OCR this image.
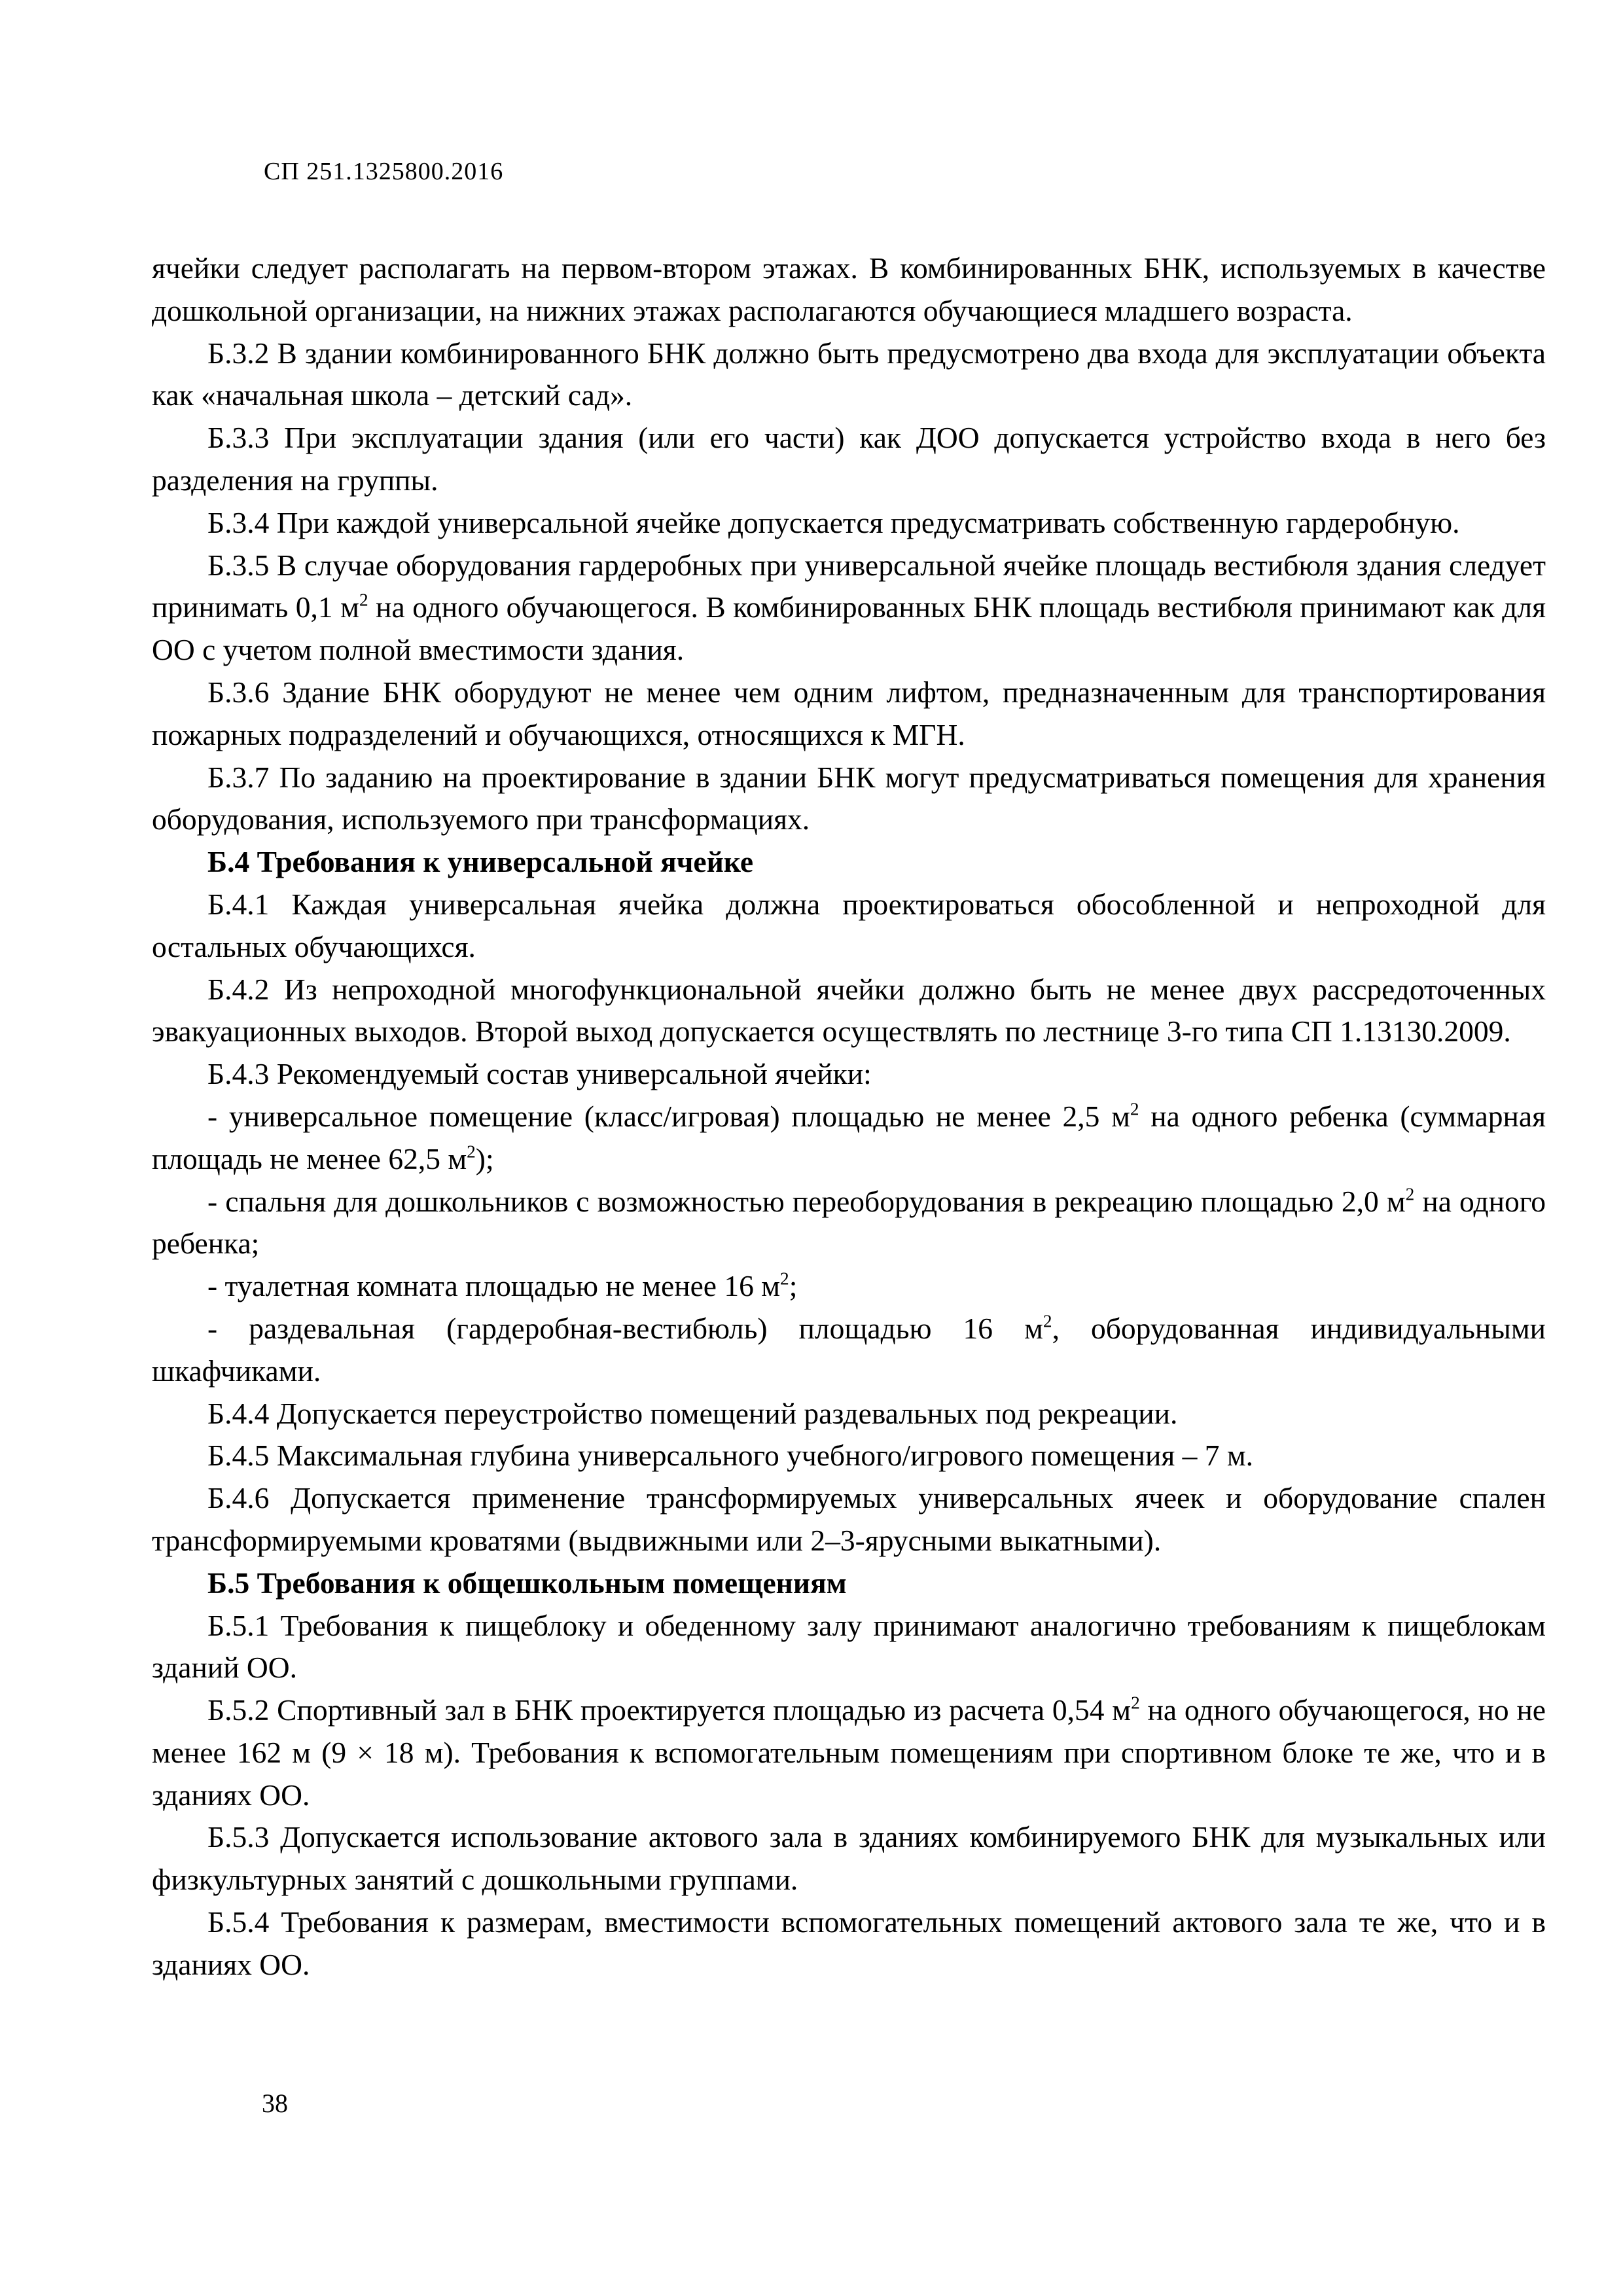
СП 251.1325800.2016

ячейки следует располагать на первом-втором этажах. В комбинированных БНК, используемых в качестве дошкольной организации, на нижних этажах располагаются обучающиеся младшего возраста.

Б.3.2 В здании комбинированного БНК должно быть предусмотрено два входа для эксплуатации объекта как «начальная школа – детский сад».

Б.3.3 При эксплуатации здания (или его части) как ДОО допускается устройство входа в него без разделения на группы.

Б.3.4 При каждой универсальной ячейке допускается предусматривать собственную гардеробную.

Б.3.5 В случае оборудования гардеробных при универсальной ячейке площадь вестибюля здания следует принимать 0,1 $м^2$ на одного обучающегося. В комбинированных БНК площадь вестибюля принимают как для ОО с учетом полной вместимости здания.

Б.3.6 Здание БНК оборудуют не менее чем одним лифтом, предназначенным для транспортирования пожарных подразделений и обучающихся, относящихся к МГН.

Б.3.7 По заданию на проектирование в здании БНК могут предусматриваться помещения для хранения оборудования, используемого при трансформациях.

Б.4 Требования к универсальной ячейке

Б.4.1 Каждая универсальная ячейка должна проектироваться обособленной и непроходной для остальных обучающихся.

Б.4.2 Из непроходной многофункциональной ячейки должно быть не менее двух рассредоточенных эвакуационных выходов. Второй выход допускается осуществлять по лестнице 3-го типа СП 1.13130.2009.

Б.4.3 Рекомендуемый состав универсальной ячейки:

- универсальное помещение (класс/игровая) площадью не менее 2,5 $м^2$ на одного ребенка (суммарная площадь не менее 62,5 $м^2$);

- спальня для дошкольников с возможностью переоборудования в рекреацию площадью 2,0 $м^2$ на одного ребенка;

- туалетная комната площадью не менее 16 $м^2$;

- раздевальная (гардеробная-вестибюль) площадью 16 $м^2$, оборудованная индивидуальными шкафчиками.

Б.4.4 Допускается переустройство помещений раздевальных под рекреации.

Б.4.5 Максимальная глубина универсального учебного/игрового помещения – 7 м.

Б.4.6 Допускается применение трансформируемых универсальных ячеек и оборудование спален трансформируемыми кроватями (выдвижными или 2–3-ярусными выкатными).

Б.5 Требования к общешкольным помещениям

Б.5.1 Требования к пищеблоку и обеденному залу принимают аналогично требованиям к пищеблокам зданий ОО.

Б.5.2 Спортивный зал в БНК проектируется площадью из расчета 0,54 $м^2$ на одного обучающегося, но не менее 162 м (9 × 18 м). Требования к вспомогательным помещениям при спортивном блоке те же, что и в зданиях ОО.

Б.5.3 Допускается использование актового зала в зданиях комбинируемого БНК для музыкальных или физкультурных занятий с дошкольными группами.

Б.5.4 Требования к размерам, вместимости вспомогательных помещений актового зала те же, что и в зданиях ОО.

38
